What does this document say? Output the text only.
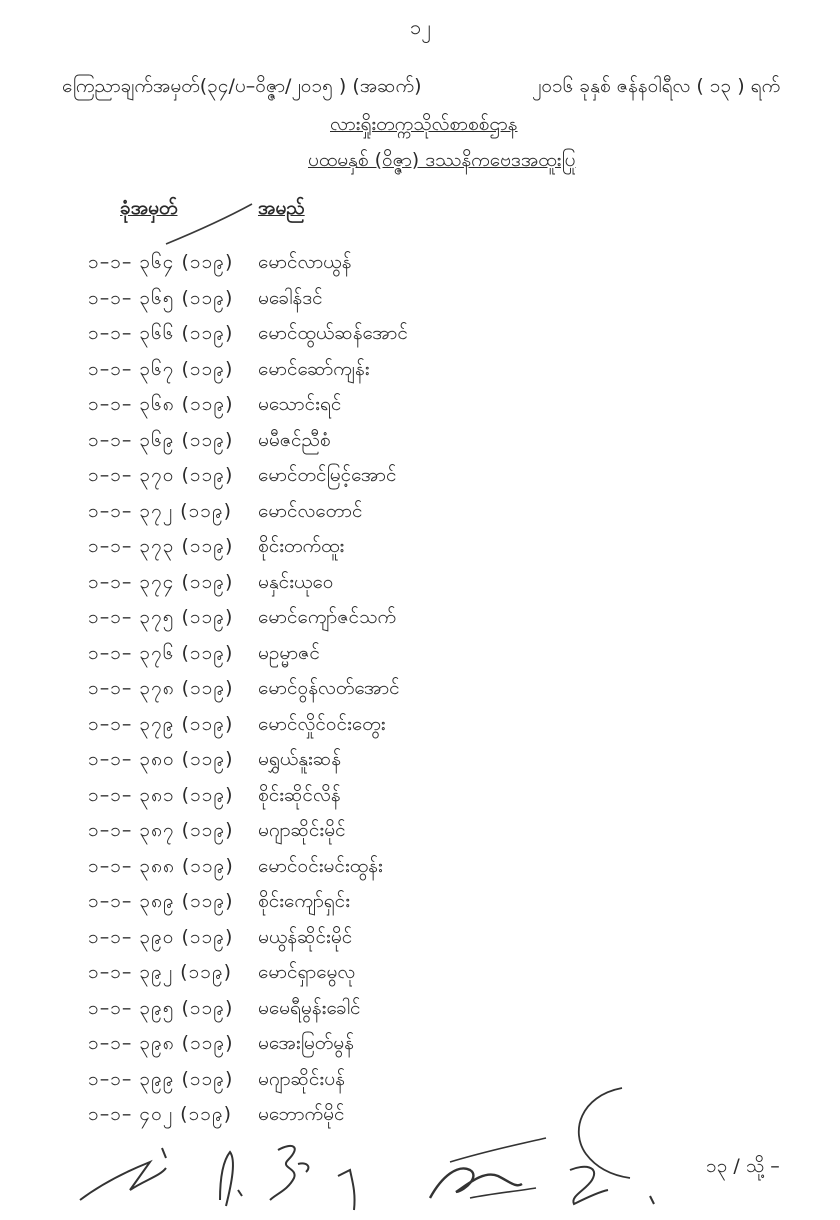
၁၂
ကြေညာချက်အမှတ်(၃၄/ပ–ဝိဇ္ဇာ/၂၀၁၅ ) (အဆက်)	၂၀၁၆ ခုနှစ် ဇန်နဝါရီလ ( ၁၃ ) ရက်
လားရှိုးတက္ကသိုလ်စာစစ်ဌာန
ပထမနှစ် (ဝိဇ္ဇာ) ဒဿနိကဗေဒအထူးပြု
ခုံအမှတ်	အမည်
၁–၁– ၃၆၄ (၁၁၉) မောင်လာယွန်
၁–၁– ၃၆၅ (၁၁၉) မခေါန်ဒင်
၁–၁– ၃၆၆ (၁၁၉) မောင်ထွယ်ဆန်အောင်
၁–၁– ၃၆၇ (၁၁၉) မောင်ဆော်ကျန်း
၁–၁– ၃၆၈ (၁၁၉) မသောင်းရင်
၁–၁– ၃၆၉ (၁၁၉) မမီဇင်ညီစံ
၁–၁– ၃၇၀ (၁၁၉) မောင်တင်မြင့်အောင်
၁–၁– ၃၇၂ (၁၁၉) မောင်လတောင်
၁–၁– ၃၇၃ (၁၁၉) စိုင်းတက်ထူး
၁–၁– ၃၇၄ (၁၁၉) မနှင်းယုဝေ
၁–၁– ၃၇၅ (၁၁၉) မောင်ကျော်ဇင်သက်
၁–၁– ၃၇၆ (၁၁၉) မဥမ္မာဇင်
၁–၁– ၃၇၈ (၁၁၉) မောင်ဝွန်လတ်အောင်
၁–၁– ၃၇၉ (၁၁၉) မောင်လှိုင်ဝင်းတွေး
၁–၁– ၃၈၀ (၁၁၉) မရွှယ်နူးဆန်
၁–၁– ၃၈၁ (၁၁၉) စိုင်းဆိုင်လိန်
၁–၁– ၃၈၇ (၁၁၉) မဂျာဆိုင်းမိုင်
၁–၁– ၃၈၈ (၁၁၉) မောင်ဝင်းမင်းထွန်း
၁–၁– ၃၈၉ (၁၁၉) စိုင်းကျော်ရှင်း
၁–၁– ၃၉၀ (၁၁၉) မယွန်ဆိုင်းမိုင်
၁–၁– ၃၉၂ (၁၁၉) မောင်ရှာမွေလု
၁–၁– ၃၉၅ (၁၁၉) မမေရီမွန်းခေါင်
၁–၁– ၃၉၈ (၁၁၉) မအေးမြတ်မွန်
၁–၁– ၃၉၉ (၁၁၉) မဂျာဆိုင်းပန်
၁–၁– ၄၀၂ (၁၁၉) မဘောက်မိုင်
၁၃ / သို့ –
